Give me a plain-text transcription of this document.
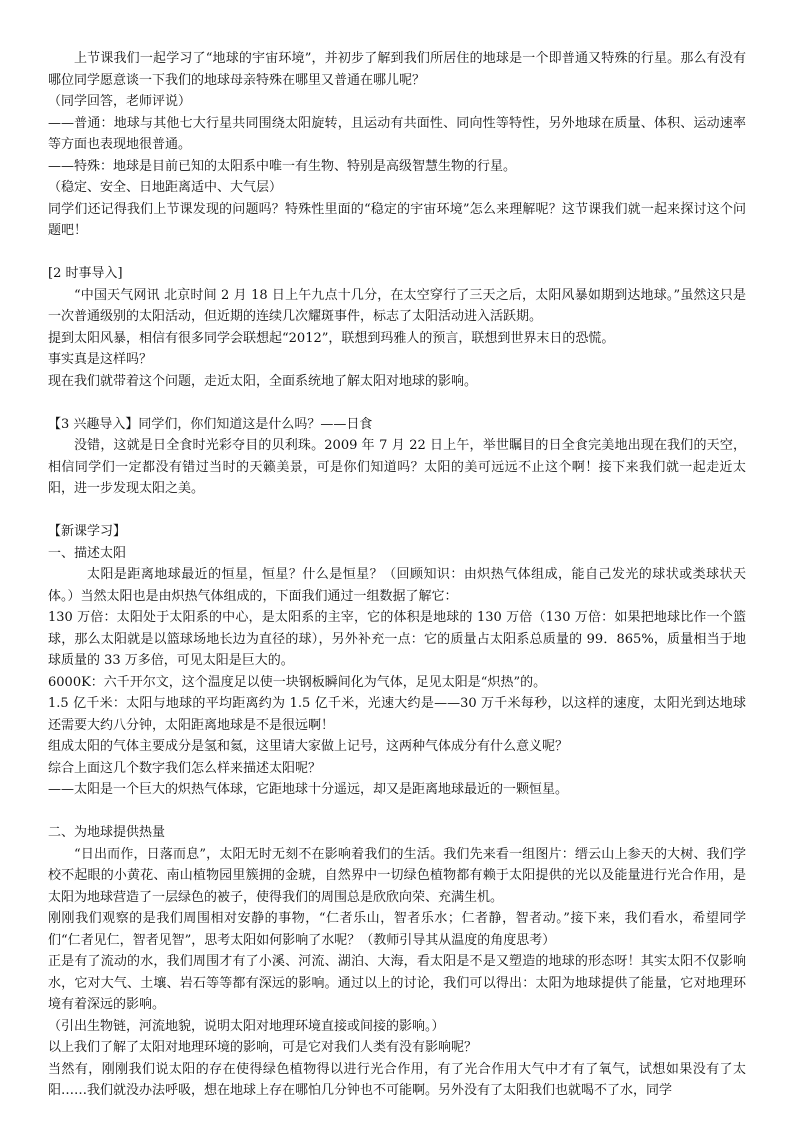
上节课我们一起学习了“地球的宇宙环境”，并初步了解到我们所居住的地球是一个即普通又特殊的行星。那么有没有哪位同学愿意谈一下我们的地球母亲特殊在哪里又普通在哪儿呢？

（同学回答，老师评说）

——普通：地球与其他七大行星共同围绕太阳旋转，且运动有共面性、同向性等特性，另外地球在质量、体积、运动速率等方面也表现地很普通。

——特殊：地球是目前已知的太阳系中唯一有生物、特别是高级智慧生物的行星。

（稳定、安全、日地距离适中、大气层）

同学们还记得我们上节课发现的问题吗？特殊性里面的“稳定的宇宙环境”怎么来理解呢？这节课我们就一起来探讨这个问题吧！

[2 时事导入]

“中国天气网讯 北京时间 2 月 18 日上午九点十几分，在太空穿行了三天之后，太阳风暴如期到达地球。”虽然这只是一次普通级别的太阳活动，但近期的连续几次耀斑事件，标志了太阳活动进入活跃期。

提到太阳风暴，相信有很多同学会联想起“2012”，联想到玛雅人的预言，联想到世界末日的恐慌。

事实真是这样吗？

现在我们就带着这个问题，走近太阳，全面系统地了解太阳对地球的影响。

【3 兴趣导入】同学们，你们知道这是什么吗？——日食

没错，这就是日全食时光彩夺目的贝利珠。2009 年 7 月 22 日上午，举世瞩目的日全食完美地出现在我们的天空，相信同学们一定都没有错过当时的天籁美景，可是你们知道吗？太阳的美可远远不止这个啊！接下来我们就一起走近太阳，进一步发现太阳之美。

【新课学习】

一、描述太阳

太阳是距离地球最近的恒星，恒星？什么是恒星？（回顾知识：由炽热气体组成，能自己发光的球状或类球状天体。）当然太阳也是由炽热气体组成的，下面我们通过一组数据了解它：

130 万倍：太阳处于太阳系的中心，是太阳系的主宰，它的体积是地球的 130 万倍（130 万倍：如果把地球比作一个篮球，那么太阳就是以篮球场地长边为直径的球），另外补充一点：它的质量占太阳系总质量的 99．865%，质量相当于地球质量的 33 万多倍，可见太阳是巨大的。

6000K：六千开尔文，这个温度足以使一块钢板瞬间化为气体，足见太阳是“炽热”的。

1.5 亿千米：太阳与地球的平均距离约为 1.5 亿千米，光速大约是——30 万千米每秒，以这样的速度，太阳光到达地球还需要大约八分钟，太阳距离地球是不是很远啊！

组成太阳的气体主要成分是氢和氦，这里请大家做上记号，这两种气体成分有什么意义呢？

综合上面这几个数字我们怎么样来描述太阳呢？

——太阳是一个巨大的炽热气体球，它距地球十分遥远，却又是距离地球最近的一颗恒星。

二、为地球提供热量

“日出而作，日落而息”，太阳无时无刻不在影响着我们的生活。我们先来看一组图片：缙云山上参天的大树、我们学校不起眼的小黄花、南山植物园里簇拥的金琥，自然界中一切绿色植物都有赖于太阳提供的光以及能量进行光合作用，是太阳为地球营造了一层绿色的被子，使得我们的周围总是欣欣向荣、充满生机。

刚刚我们观察的是我们周围相对安静的事物，“仁者乐山，智者乐水；仁者静，智者动。”接下来，我们看水，希望同学们“仁者见仁，智者见智”，思考太阳如何影响了水呢？（教师引导其从温度的角度思考）

正是有了流动的水，我们周围才有了小溪、河流、湖泊、大海，看太阳是不是又塑造的地球的形态呀！其实太阳不仅影响水，它对大气、土壤、岩石等等都有深远的影响。通过以上的讨论，我们可以得出：太阳为地球提供了能量，它对地理环境有着深远的影响。

（引出生物链，河流地貌，说明太阳对地理环境直接或间接的影响。）

以上我们了解了太阳对地理环境的影响，可是它对我们人类有没有影响呢？

当然有，刚刚我们说太阳的存在使得绿色植物得以进行光合作用，有了光合作用大气中才有了氧气，试想如果没有了太阳……我们就没办法呼吸，想在地球上存在哪怕几分钟也不可能啊。另外没有了太阳我们也就喝不了水，同学
